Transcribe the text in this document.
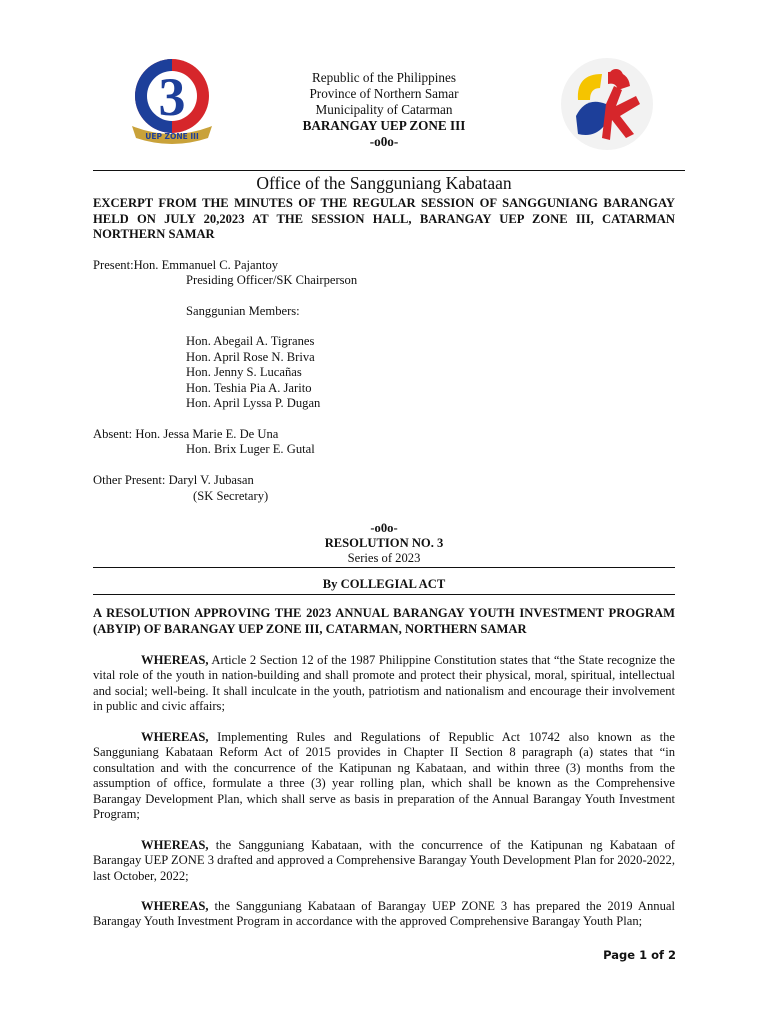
3
UEP ZONE III
Republic of the Philippines
Province of Northern Samar
Municipality of Catarman
BARANGAY UEP ZONE III
-o0o-
Office of the Sangguniang Kabataan
EXCERPT FROM THE MINUTES OF THE REGULAR SESSION OF SANGGUNIANG BARANGAY HELD ON JULY 20,2023 AT THE SESSION HALL, BARANGAY UEP ZONE III, CATARMAN NORTHERN SAMAR
Present:Hon. Emmanuel C. Pajantoy
Presiding Officer/SK Chairperson
Sanggunian Members:
Hon. Abegail A. Tigranes
Hon. April Rose N. Briva
Hon. Jenny S. Lucañas
Hon. Teshia Pia A. Jarito
Hon. April Lyssa P. Dugan
Absent: Hon. Jessa Marie E. De Una
Hon. Brix Luger E. Gutal
Other Present: Daryl V. Jubasan
(SK Secretary)
-o0o-
RESOLUTION NO. 3
Series of 2023
By COLLEGIAL ACT
A RESOLUTION APPROVING THE 2023 ANNUAL BARANGAY YOUTH INVESTMENT PROGRAM (ABYIP) OF BARANGAY UEP ZONE III, CATARMAN, NORTHERN SAMAR
WHEREAS, Article 2 Section 12 of the 1987 Philippine Constitution states that “the State recognize the vital role of the youth in nation-building and shall promote and protect their physical, moral, spiritual, intellectual and social; well-being. It shall inculcate in the youth, patriotism and nationalism and encourage their involvement in public and civic affairs;
WHEREAS, Implementing Rules and Regulations of Republic Act 10742 also known as the Sangguniang Kabataan Reform Act of 2015 provides in Chapter II Section 8 paragraph (a) states that “in consultation and with the concurrence of the Katipunan ng Kabataan, and within three (3) months from the assumption of office, formulate a three (3) year rolling plan, which shall be known as the Comprehensive Barangay Development Plan, which shall serve as basis in preparation of the Annual Barangay Youth Investment Program;
WHEREAS, the Sangguniang Kabataan, with the concurrence of the Katipunan ng Kabataan of Barangay UEP ZONE 3 drafted and approved a Comprehensive Barangay Youth Development Plan for 2020-2022, last October, 2022;
WHEREAS, the Sangguniang Kabataan of Barangay UEP ZONE 3 has prepared the 2019 Annual Barangay Youth Investment Program in accordance with the approved Comprehensive Barangay Youth Plan;
Page 1 of 2
